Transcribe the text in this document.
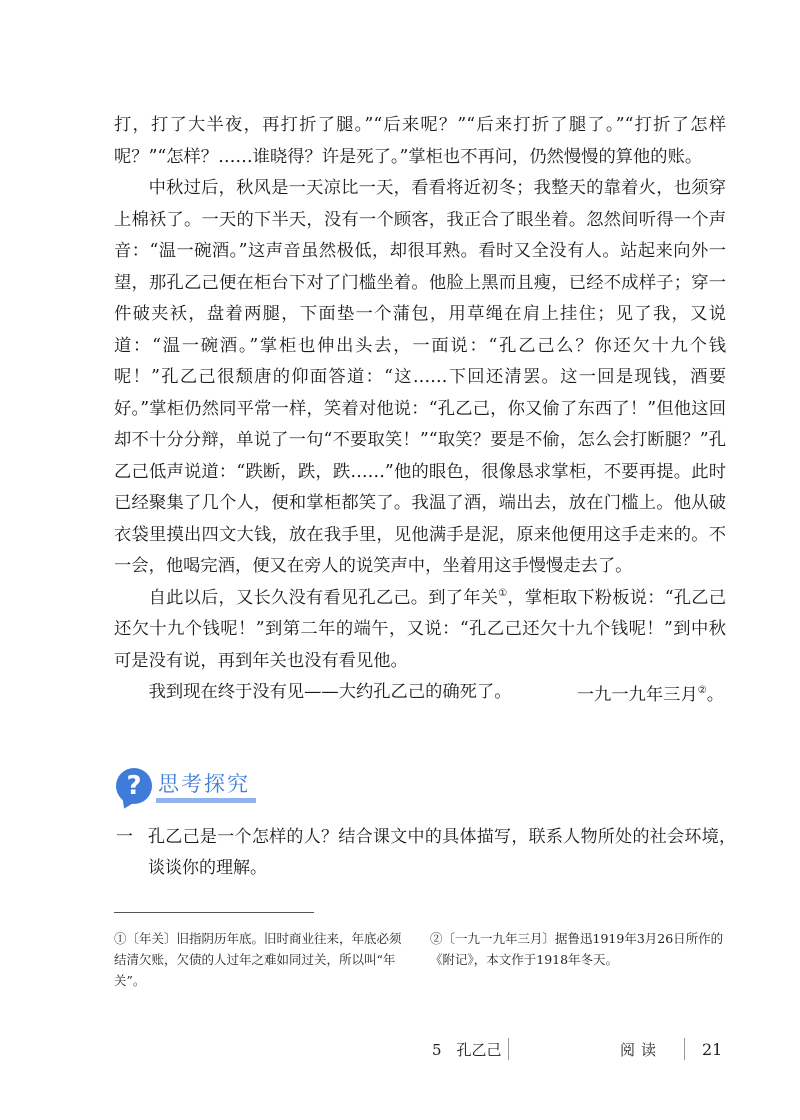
打，打了大半夜，再打折了腿。”“后来呢？”“后来打折了腿了。”“打折了怎样呢？”“怎样？……谁晓得？许是死了。”掌柜也不再问，仍然慢慢的算他的账。

中秋过后，秋风是一天凉比一天，看看将近初冬；我整天的靠着火，也须穿上棉袄了。一天的下半天，没有一个顾客，我正合了眼坐着。忽然间听得一个声音：“温一碗酒。”这声音虽然极低，却很耳熟。看时又全没有人。站起来向外一望，那孔乙己便在柜台下对了门槛坐着。他脸上黑而且瘦，已经不成样子；穿一件破夹袄，盘着两腿，下面垫一个蒲包，用草绳在肩上挂住；见了我，又说道：“温一碗酒。”掌柜也伸出头去，一面说：“孔乙己么？你还欠十九个钱呢！”孔乙己很颓唐的仰面答道：“这……下回还清罢。这一回是现钱，酒要好。”掌柜仍然同平常一样，笑着对他说：“孔乙己，你又偷了东西了！”但他这回却不十分分辩，单说了一句“不要取笑！”“取笑？要是不偷，怎么会打断腿？”孔乙己低声说道：“跌断，跌，跌……”他的眼色，很像恳求掌柜，不要再提。此时已经聚集了几个人，便和掌柜都笑了。我温了酒，端出去，放在门槛上。他从破衣袋里摸出四文大钱，放在我手里，见他满手是泥，原来他便用这手走来的。不一会，他喝完酒，便又在旁人的说笑声中，坐着用这手慢慢走去了。

自此以后，又长久没有看见孔乙己。到了年关①，掌柜取下粉板说：“孔乙己还欠十九个钱呢！”到第二年的端午，又说：“孔乙己还欠十九个钱呢！”到中秋可是没有说，再到年关也没有看见他。

我到现在终于没有见——大约孔乙己的确死了。	一九一九年三月②。
? 思考探究
一 孔乙己是一个怎样的人？结合课文中的具体描写，联系人物所处的社会环境，谈谈你的理解。
①〔年关〕旧指阴历年底。旧时商业往来，年底必须结清欠账，欠债的人过年之难如同过关，所以叫“年关”。
②〔一九一九年三月〕据鲁迅1919年3月26日所作的《附记》，本文作于1918年冬天。
5　孔乙己	阅读 21
